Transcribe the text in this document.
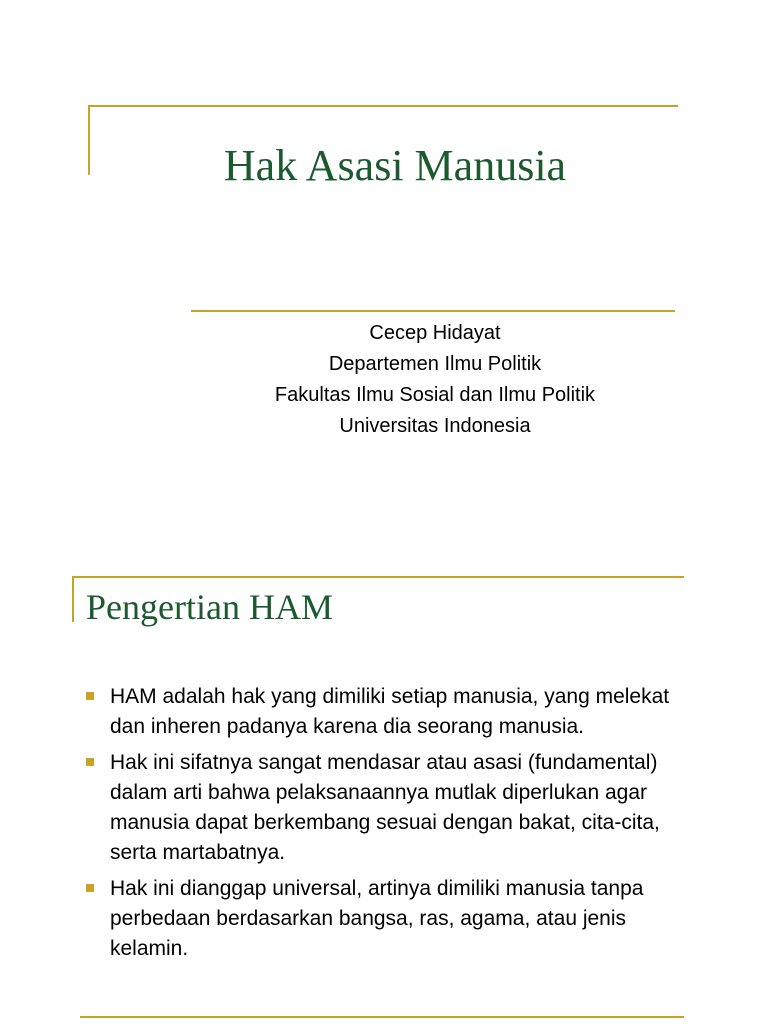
Hak Asasi Manusia
Cecep Hidayat
Departemen Ilmu Politik
Fakultas Ilmu Sosial dan Ilmu Politik
Universitas Indonesia
Pengertian HAM
HAM adalah hak yang dimiliki setiap manusia, yang melekat dan inheren padanya karena dia seorang manusia.
Hak ini sifatnya sangat mendasar atau asasi (fundamental) dalam arti bahwa pelaksanaannya mutlak diperlukan agar manusia dapat berkembang sesuai dengan bakat, cita-cita, serta martabatnya.
Hak ini dianggap universal, artinya dimiliki manusia tanpa perbedaan berdasarkan bangsa, ras, agama, atau jenis kelamin.
